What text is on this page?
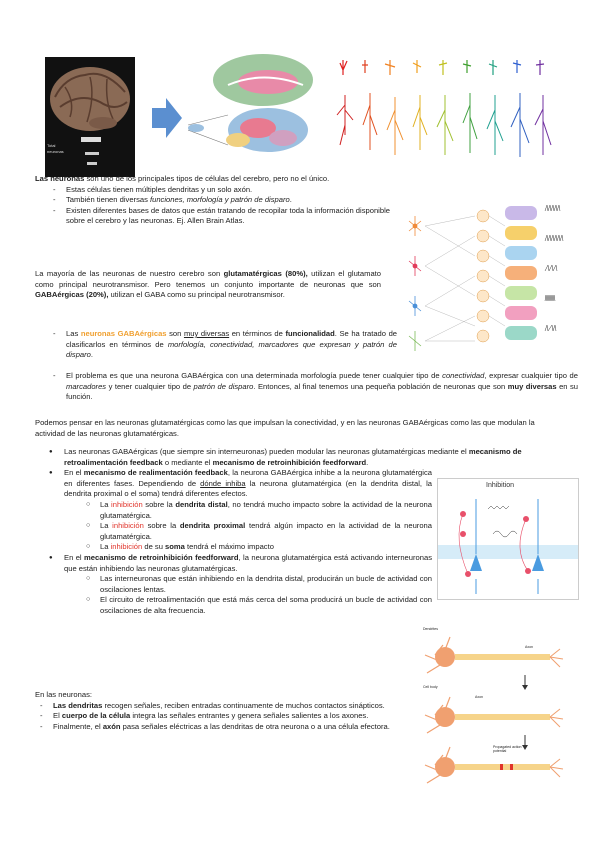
Total
neuronas
Inhibition
Dendrites
Axon
Cell body
Axon
Propagated action potential

Las neuronas son uno de los principales tipos de células del cerebro, pero no el único.

- Estas células tienen múltiples dendritas y un solo axón.
- También tienen diversas funciones, morfología y patrón de disparo.
- Existen diferentes bases de datos que están tratando de recopilar toda la información disponible sobre el cerebro y las neuronas. Ej. Allen Brain Atlas.
La mayoría de las neuronas de nuestro cerebro son glutamatérgicas (80%), utilizan el glutamato como principal neurotransmisor. Pero tenemos un conjunto importante de neuronas que son GABAérgicas (20%), utilizan el GABA como su principal neurotransmisor.
- Las neuronas GABAérgicas son muy diversas en términos de funcionalidad. Se ha tratado de clasificarlos en términos de morfología, conectividad, marcadores que expresan y patrón de disparo.
- El problema es que una neurona GABAérgica con una determinada morfología puede tener cualquier tipo de conectividad, expresar cualquier tipo de marcadores y tener cualquier tipo de patrón de disparo. Entonces, al final tenemos una pequeña población de neuronas que son muy diversas en su función.
Podemos pensar en las neuronas glutamatérgicas como las que impulsan la conectividad, y en las neuronas GABAérgicas como las que modulan la actividad de las neuronas glutamatérgicas.
● Las neuronas GABAérgicas (que siempre sin interneuronas) pueden modular las neuronas glutamatérgicas mediante el mecanismo de retroalimentación feedback o mediante el mecanismo de retroinhibición feedforward.
● En el mecanismo de realimentación feedback, la neurona GABAérgica inhibe a la neurona glutamatérgica en diferentes fases. Dependiendo de dónde inhiba la neurona glutamatérgica (en la dendrita distal, la dendrita proximal o el soma) tendrá diferentes efectos.
○ La inhibición sobre la dendrita distal, no tendrá mucho impacto sobre la actividad de la neurona glutamatérgica.
○ La inhibición sobre la dendrita proximal tendrá algún impacto en la actividad de la neurona glutamatérgica.
○ La inhibición de su soma tendrá el máximo impacto
● En el mecanismo de retroinhibición feedforward, la neurona glutamatérgica está activando interneuronas que están inhibiendo las neuronas glutamatérgicas.
○ Las interneuronas que están inhibiendo en la dendrita distal, producirán un bucle de actividad con oscilaciones lentas.
○ El circuito de retroalimentación que está más cerca del soma producirá un bucle de actividad con oscilaciones de alta frecuencia.

En las neuronas:

- Las dendritas recogen señales, reciben entradas continuamente de muchos contactos sinápticos.
- El cuerpo de la célula integra las señales entrantes y genera señales salientes a los axones.
- Finalmente, el axón pasa señales eléctricas a las dendritas de otra neurona o a una célula efectora.
